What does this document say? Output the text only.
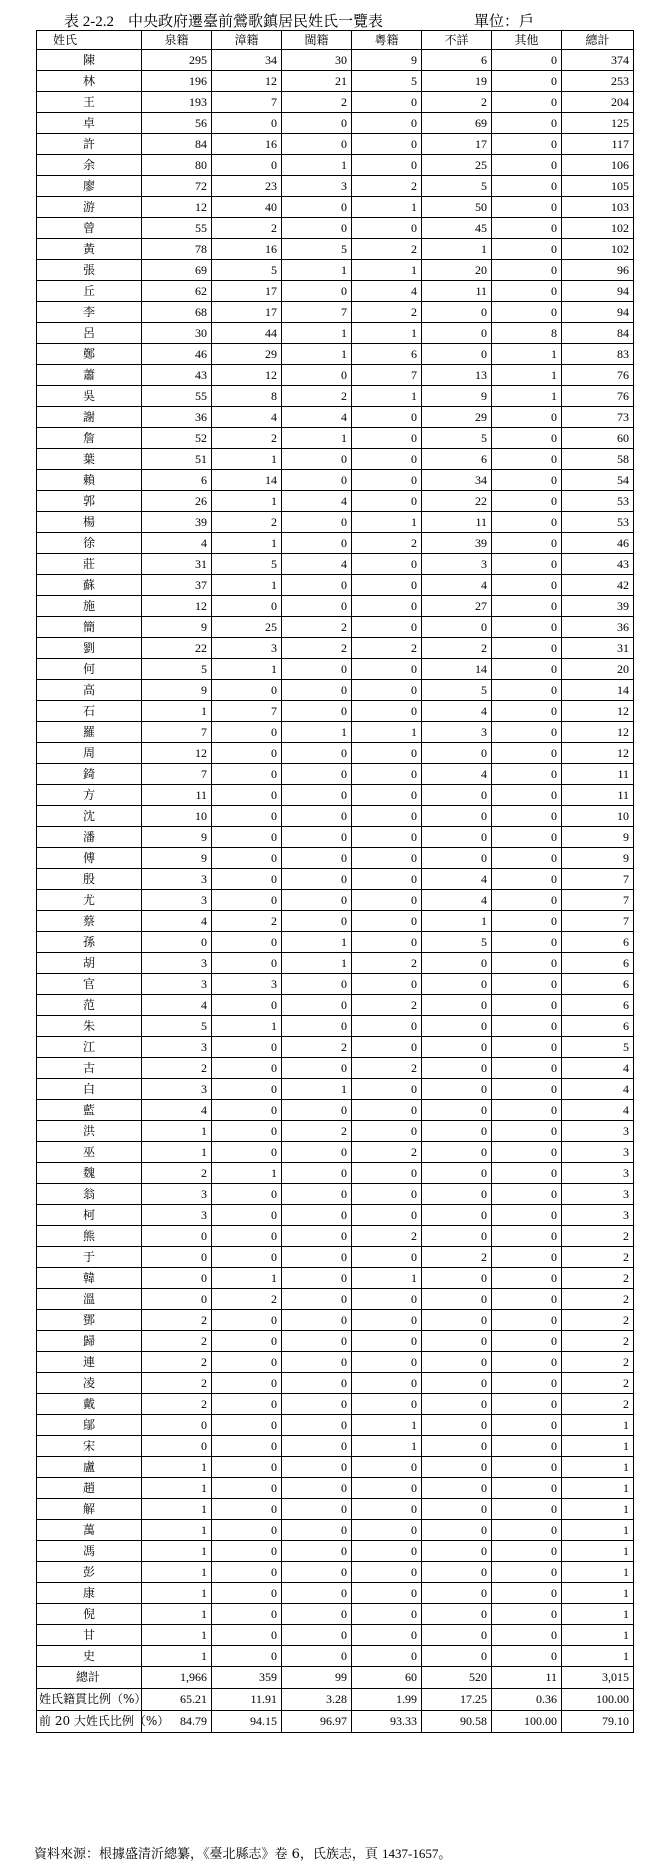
表 2-2.2 中央政府遷臺前鶯歌鎮居民姓氏一覽表	單位：戶
姓氏	泉籍	漳籍	閩籍	粵籍	不詳	其他	總計
陳	295	34	30	9	6	0	374
林	196	12	21	5	19	0	253
王	193	7	2	0	2	0	204
卓	56	0	0	0	69	0	125
許	84	16	0	0	17	0	117
余	80	0	1	0	25	0	106
廖	72	23	3	2	5	0	105
游	12	40	0	1	50	0	103
曾	55	2	0	0	45	0	102
黃	78	16	5	2	1	0	102
張	69	5	1	1	20	0	96
丘	62	17	0	4	11	0	94
李	68	17	7	2	0	0	94
呂	30	44	1	1	0	8	84
鄭	46	29	1	6	0	1	83
蕭	43	12	0	7	13	1	76
吳	55	8	2	1	9	1	76
謝	36	4	4	0	29	0	73
詹	52	2	1	0	5	0	60
葉	51	1	0	0	6	0	58
賴	6	14	0	0	34	0	54
郭	26	1	4	0	22	0	53
楊	39	2	0	1	11	0	53
徐	4	1	0	2	39	0	46
莊	31	5	4	0	3	0	43
蘇	37	1	0	0	4	0	42
施	12	0	0	0	27	0	39
簡	9	25	2	0	0	0	36
劉	22	3	2	2	2	0	31
何	5	1	0	0	14	0	20
高	9	0	0	0	5	0	14
石	1	7	0	0	4	0	12
羅	7	0	1	1	3	0	12
周	12	0	0	0	0	0	12
錡	7	0	0	0	4	0	11
方	11	0	0	0	0	0	11
沈	10	0	0	0	0	0	10
潘	9	0	0	0	0	0	9
傅	9	0	0	0	0	0	9
殷	3	0	0	0	4	0	7
尤	3	0	0	0	4	0	7
蔡	4	2	0	0	1	0	7
孫	0	0	1	0	5	0	6
胡	3	0	1	2	0	0	6
官	3	3	0	0	0	0	6
范	4	0	0	2	0	0	6
朱	5	1	0	0	0	0	6
江	3	0	2	0	0	0	5
古	2	0	0	2	0	0	4
白	3	0	1	0	0	0	4
藍	4	0	0	0	0	0	4
洪	1	0	2	0	0	0	3
巫	1	0	0	2	0	0	3
魏	2	1	0	0	0	0	3
翁	3	0	0	0	0	0	3
柯	3	0	0	0	0	0	3
熊	0	0	0	2	0	0	2
于	0	0	0	0	2	0	2
韓	0	1	0	1	0	0	2
溫	0	2	0	0	0	0	2
鄧	2	0	0	0	0	0	2
歸	2	0	0	0	0	0	2
連	2	0	0	0	0	0	2
凌	2	0	0	0	0	0	2
戴	2	0	0	0	0	0	2
鄔	0	0	0	1	0	0	1
宋	0	0	0	1	0	0	1
盧	1	0	0	0	0	0	1
趙	1	0	0	0	0	0	1
解	1	0	0	0	0	0	1
萬	1	0	0	0	0	0	1
馮	1	0	0	0	0	0	1
彭	1	0	0	0	0	0	1
康	1	0	0	0	0	0	1
倪	1	0	0	0	0	0	1
甘	1	0	0	0	0	0	1
史	1	0	0	0	0	0	1
總計	1,966	359	99	60	520	11	3,015
姓氏籍貫比例（%）	65.21	11.91	3.28	1.99	17.25	0.36	100.00
前 20 大姓氏比例（%）	84.79	94.15	96.97	93.33	90.58	100.00	79.10
資料來源：根據盛清沂總纂，《臺北縣志》卷 6，氏族志，頁 1437-1657。
